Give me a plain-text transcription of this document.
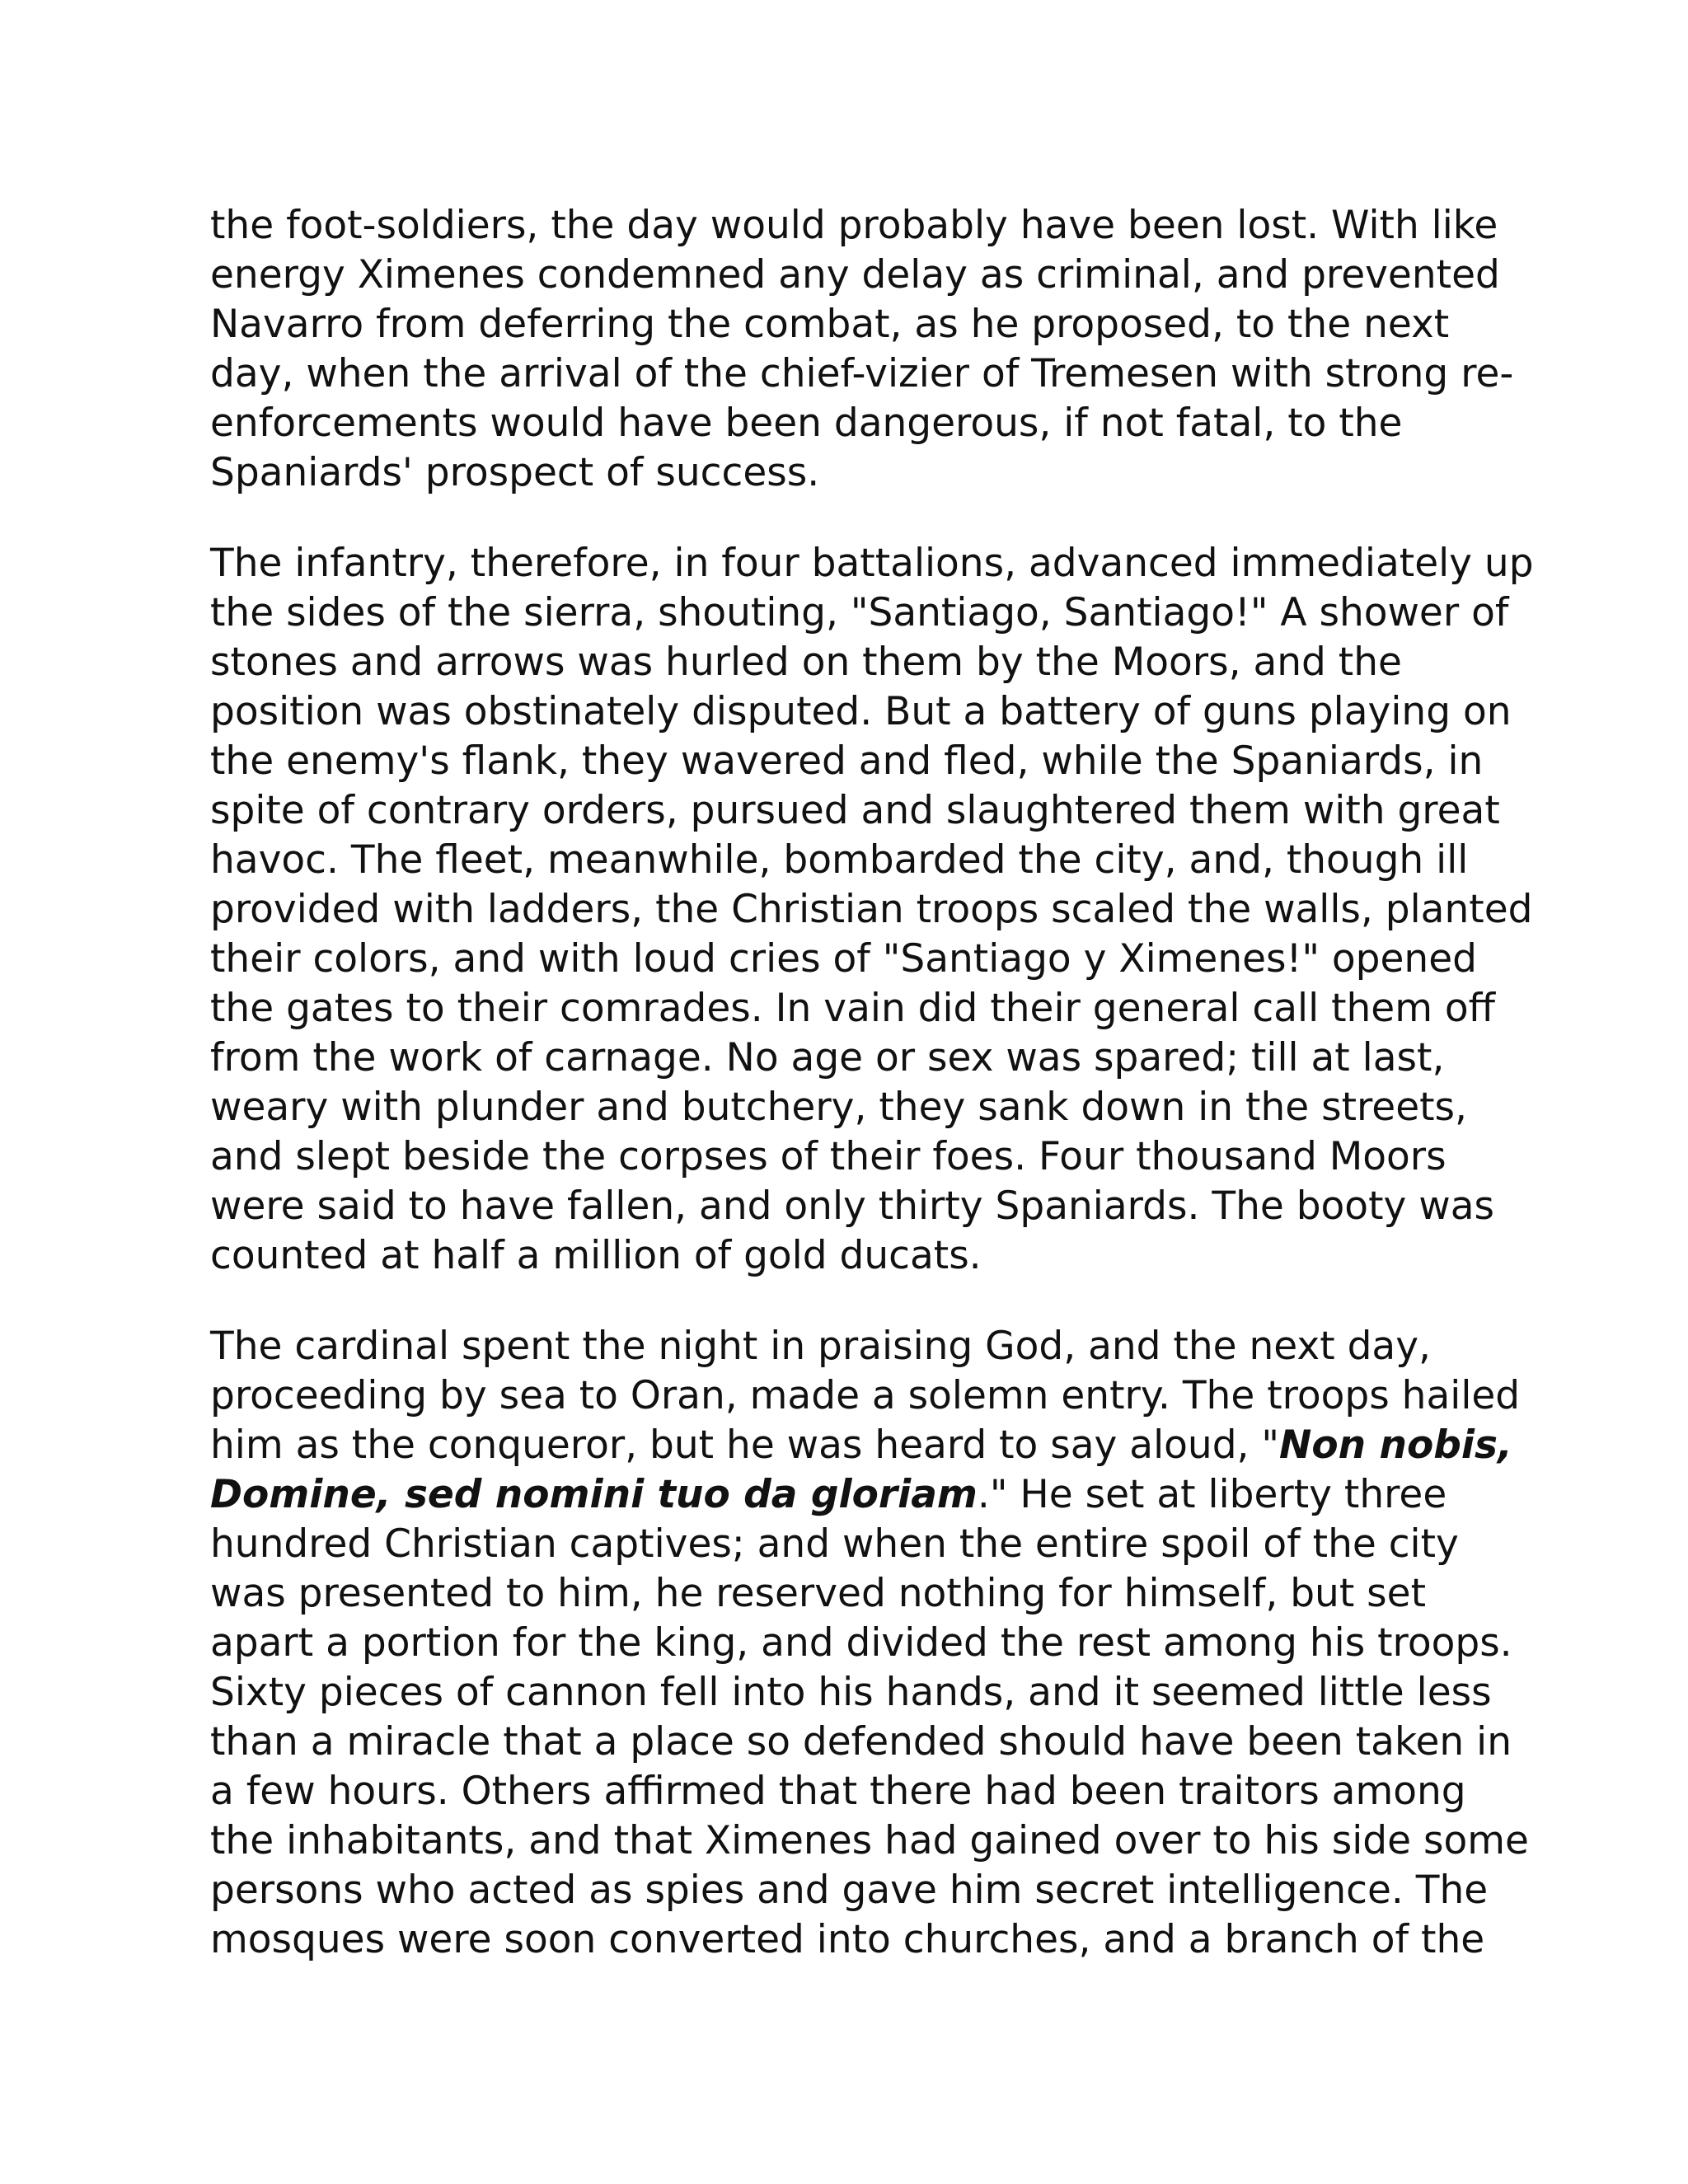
the foot-soldiers, the day would probably have been lost. With like
energy Ximenes condemned any delay as criminal, and prevented
Navarro from deferring the combat, as he proposed, to the next
day, when the arrival of the chief-vizier of Tremesen with strong re-
enforcements would have been dangerous, if not fatal, to the
Spaniards' prospect of success.

The infantry, therefore, in four battalions, advanced immediately up
the sides of the sierra, shouting, "Santiago, Santiago!" A shower of
stones and arrows was hurled on them by the Moors, and the
position was obstinately disputed. But a battery of guns playing on
the enemy's flank, they wavered and fled, while the Spaniards, in
spite of contrary orders, pursued and slaughtered them with great
havoc. The fleet, meanwhile, bombarded the city, and, though ill
provided with ladders, the Christian troops scaled the walls, planted
their colors, and with loud cries of "Santiago y Ximenes!" opened
the gates to their comrades. In vain did their general call them off
from the work of carnage. No age or sex was spared; till at last,
weary with plunder and butchery, they sank down in the streets,
and slept beside the corpses of their foes. Four thousand Moors
were said to have fallen, and only thirty Spaniards. The booty was
counted at half a million of gold ducats.

The cardinal spent the night in praising God, and the next day,
proceeding by sea to Oran, made a solemn entry. The troops hailed
him as the conqueror, but he was heard to say aloud, "Non nobis,
Domine, sed nomini tuo da gloriam." He set at liberty three
hundred Christian captives; and when the entire spoil of the city
was presented to him, he reserved nothing for himself, but set
apart a portion for the king, and divided the rest among his troops.
Sixty pieces of cannon fell into his hands, and it seemed little less
than a miracle that a place so defended should have been taken in
a few hours. Others affirmed that there had been traitors among
the inhabitants, and that Ximenes had gained over to his side some
persons who acted as spies and gave him secret intelligence. The
mosques were soon converted into churches, and a branch of the
